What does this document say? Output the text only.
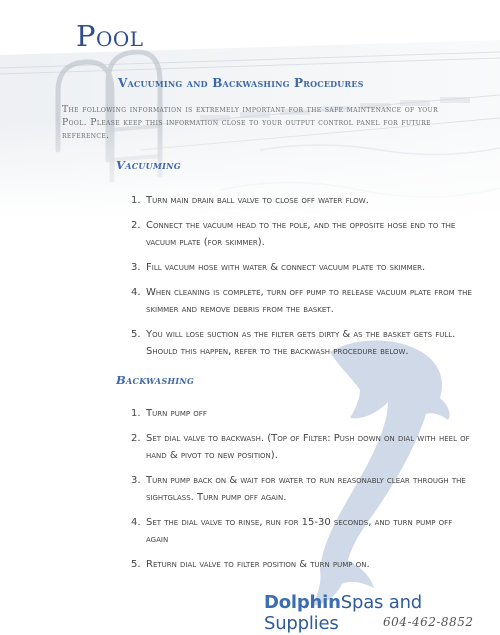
Pool
Vacuuming and Backwashing Procedures
The following information is extremely important for the safe maintenance of your Pool. Please keep this information close to your output control panel for future reference.
Vacuuming
1. Turn main drain ball valve to close off water flow.
2. Connect the vacuum head to the pole, and the opposite hose end to the vacuum plate (for skimmer).
3. Fill vacuum hose with water & connect vacuum plate to skimmer.
4. When cleaning is complete, turn off pump to release vacuum plate from the skimmer and remove debris from the basket.
5. You will lose suction as the filter gets dirty & as the basket gets full. Should this happen, refer to the backwash procedure below.
Backwashing
1. Turn pump off
2. Set dial valve to backwash. (Top of Filter: Push down on dial with heel of hand & pivot to new position).
3. Turn pump back on & wait for water to run reasonably clear through the sightglass. Turn pump off again.
4. Set the dial valve to rinse, run for 15-30 seconds, and turn pump off again
5. Return dial valve to filter position & turn pump on.
DolphinSpas and Supplies	604-462-8852
